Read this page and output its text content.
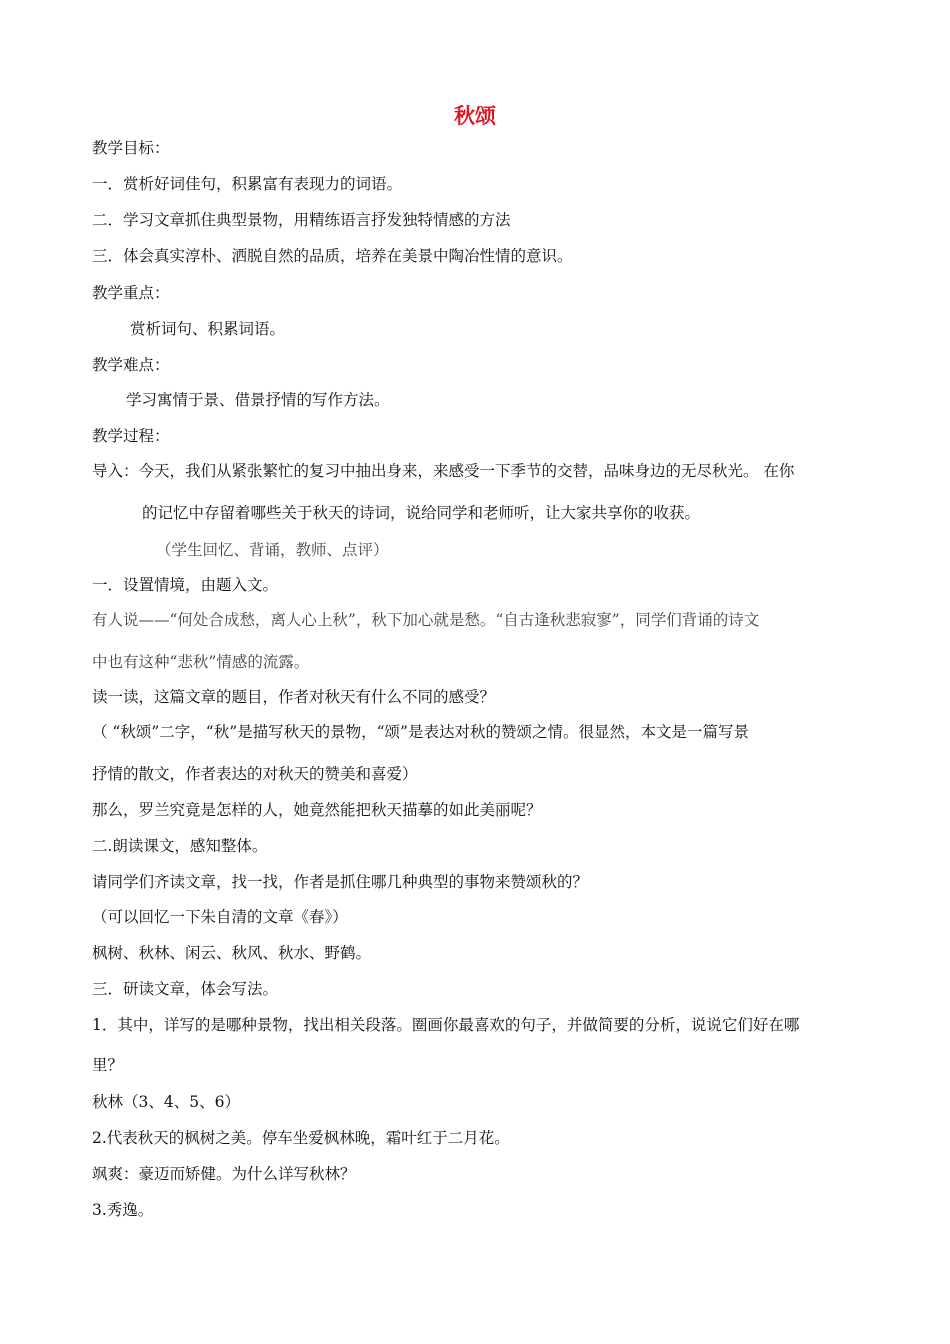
秋颂
教学目标：
一．赏析好词佳句，积累富有表现力的词语。
二．学习文章抓住典型景物，用精练语言抒发独特情感的方法
三．体会真实淳朴、洒脱自然的品质，培养在美景中陶冶性情的意识。
教学重点：
赏析词句、积累词语。
教学难点：
学习寓情于景、借景抒情的写作方法。
教学过程：
导入：今天，我们从紧张繁忙的复习中抽出身来，来感受一下季节的交替，品味身边的无尽秋光。 在你
的记忆中存留着哪些关于秋天的诗词，说给同学和老师听，让大家共享你的收获。
（学生回忆、背诵，教师、点评）
一．设置情境，由题入文。
有人说——“何处合成愁，离人心上秋”，秋下加心就是愁。“自古逢秋悲寂寥”，同学们背诵的诗文
中也有这种“悲秋”情感的流露。
读一读，这篇文章的题目，作者对秋天有什么不同的感受？
（ “秋颂”二字，“秋”是描写秋天的景物，“颂”是表达对秋的赞颂之情。很显然，本文是一篇写景
抒情的散文，作者表达的对秋天的赞美和喜爱）
那么，罗兰究竟是怎样的人，她竟然能把秋天描摹的如此美丽呢？
二.朗读课文，感知整体。
请同学们齐读文章，找一找，作者是抓住哪几种典型的事物来赞颂秋的？
（可以回忆一下朱自清的文章《春》）
枫树、秋林、闲云、秋风、秋水、野鹤。
三．研读文章，体会写法。
1．其中，详写的是哪种景物，找出相关段落。圈画你最喜欢的句子，并做简要的分析，说说它们好在哪
里？
秋林（3、4、5、6）
2.代表秋天的枫树之美。停车坐爱枫林晚，霜叶红于二月花。
飒爽：豪迈而矫健。为什么详写秋林？
3.秀逸。
